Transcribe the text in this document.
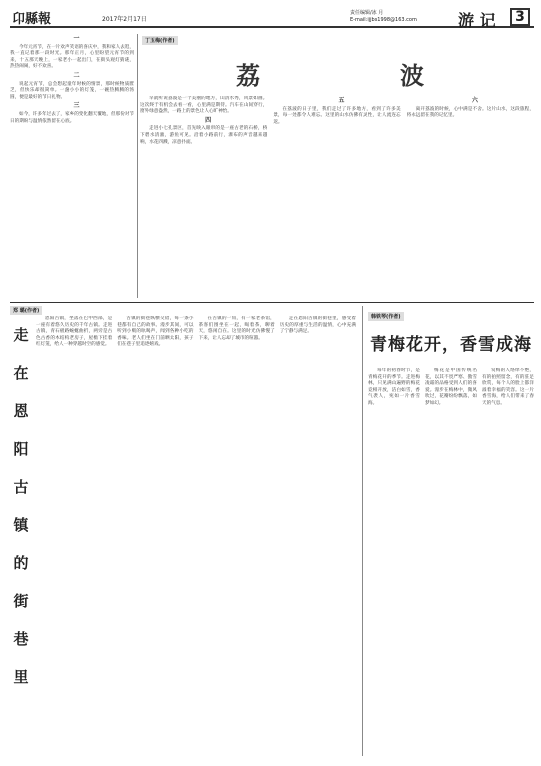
卬縣報	2017年2月17日
责任编辑/冰 月
E-mail:ijjbs1998@163.com	游 记	3
一

今年元宵节，在一片欢声笑语的喜庆中，我和家人去逛，我一直记着那一段时光。那年正月，心里盼望元宵节的到来，十五那天晚上，一家老小一起出门，在街头观灯猜谜，热热闹闹，好不欢喜。

二

说起元宵节，总会想起童年时候的情景，那时候物质匮乏，但快乐却很简单。一盏小小的灯笼，一碗热腾腾的汤圆，便是最好的节日礼物。

三

如今，许多年过去了，家乡的变化翻天覆地，但那份对节日的期盼与温情依然留在心底。

丁玉梅(作者)
荔	波

早就听说荔波是一个美丽的地方，山清水秀，风景如画。这次终于有机会去看一看，心里满是期待。汽车在山间穿行，窗外绿意盎然，一路上的景色让人心旷神怡。

四

走进小七孔景区，首先映入眼帘的是一座古老的石桥，桥下碧水清澈，游鱼可见。沿着小路前行，瀑布的声音越来越响，水花四溅，凉意扑面。

五

在荔波的日子里，我们走过了许多地方，看到了许多美景，每一处都令人难忘。这里的山水仿佛有灵性，让人流连忘返。

六

离开荔波的时候，心中满是不舍。这片山水，这段旅程，将永远留在我的记忆里。

郑 璐(作者)
走
在
恩
阳
古
镇
的
街
巷
里

恩阳古镇，坐落在巴中西部，是一座有着悠久历史的千年古镇。走进古镇，青石板路蜿蜒曲折，两旁是古色古香的木结构老房子，屋檐下挂着红灯笼，给人一种穿越时空的感觉。

古镇的街巷纵横交错，每一条小巷都有自己的故事。漫步其间，可以听到小贩的吆喝声，闻到各种小吃的香味。老人们坐在门前晒太阳，孩子们在巷子里追逐嬉戏。

在古镇的一角，有一家老茶馆，茶客们围坐在一起，喝着茶，聊着天，悠闲自在。这里的时光仿佛慢了下来，让人忘却了城市的喧嚣。

走在恩阳古镇的街巷里，感受着历史的厚重与生活的温情，心中充满了宁静与满足。

韩铁琴(作者)
青梅花开，香雪成海

每年的初春时节，是青梅花开的季节。走进梅林，只见满山遍野的梅花竞相开放，洁白如雪，香气袭人，宛如一片香雪海。

梅花是中国传统名花，以其不畏严寒、傲雪凌霜的品格受到人们的喜爱。漫步在梅林中，微风吹过，花瓣纷纷飘落，如梦如幻。

赏梅的人络绎不绝，有的拍照留念，有的驻足欣赏，每个人的脸上都洋溢着幸福的笑容。这一片香雪海，给人们带来了春天的气息。
